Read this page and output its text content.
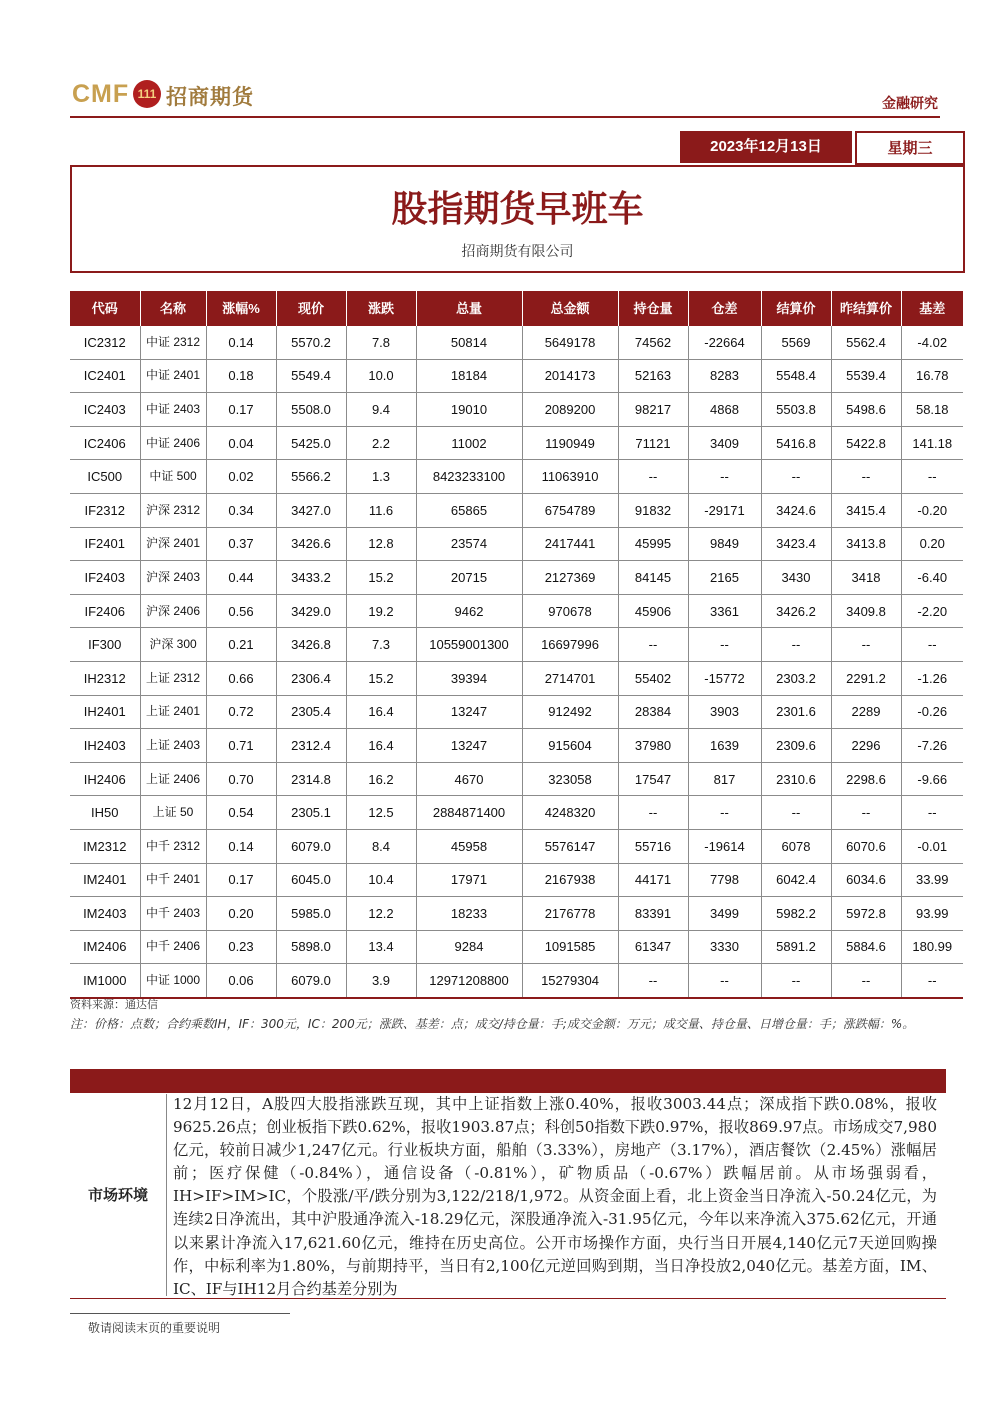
CMF 111 招商期货	金融研究
2023年12月13日	星期三
股指期货早班车
招商期货有限公司
代码	名称	涨幅%	现价	涨跌	总量	总金额	持仓量	仓差	结算价	昨结算价	基差
IC2312	中证 2312	0.14	5570.2	7.8	50814	5649178	74562	-22664	5569	5562.4	-4.02
IC2401	中证 2401	0.18	5549.4	10.0	18184	2014173	52163	8283	5548.4	5539.4	16.78
IC2403	中证 2403	0.17	5508.0	9.4	19010	2089200	98217	4868	5503.8	5498.6	58.18
IC2406	中证 2406	0.04	5425.0	2.2	11002	1190949	71121	3409	5416.8	5422.8	141.18
IC500	中证 500	0.02	5566.2	1.3	8423233100	11063910	--	--	--	--	--
IF2312	沪深 2312	0.34	3427.0	11.6	65865	6754789	91832	-29171	3424.6	3415.4	-0.20
IF2401	沪深 2401	0.37	3426.6	12.8	23574	2417441	45995	9849	3423.4	3413.8	0.20
IF2403	沪深 2403	0.44	3433.2	15.2	20715	2127369	84145	2165	3430	3418	-6.40
IF2406	沪深 2406	0.56	3429.0	19.2	9462	970678	45906	3361	3426.2	3409.8	-2.20
IF300	沪深 300	0.21	3426.8	7.3	10559001300	16697996	--	--	--	--	--
IH2312	上证 2312	0.66	2306.4	15.2	39394	2714701	55402	-15772	2303.2	2291.2	-1.26
IH2401	上证 2401	0.72	2305.4	16.4	13247	912492	28384	3903	2301.6	2289	-0.26
IH2403	上证 2403	0.71	2312.4	16.4	13247	915604	37980	1639	2309.6	2296	-7.26
IH2406	上证 2406	0.70	2314.8	16.2	4670	323058	17547	817	2310.6	2298.6	-9.66
IH50	上证 50	0.54	2305.1	12.5	2884871400	4248320	--	--	--	--	--
IM2312	中千 2312	0.14	6079.0	8.4	45958	5576147	55716	-19614	6078	6070.6	-0.01
IM2401	中千 2401	0.17	6045.0	10.4	17971	2167938	44171	7798	6042.4	6034.6	33.99
IM2403	中千 2403	0.20	5985.0	12.2	18233	2176778	83391	3499	5982.2	5972.8	93.99
IM2406	中千 2406	0.23	5898.0	13.4	9284	1091585	61347	3330	5891.2	5884.6	180.99
IM1000	中证 1000	0.06	6079.0	3.9	12971208800	15279304	--	--	--	--	--
资料来源：通达信
注：价格：点数；合约乘数IH，IF：300元，IC：200元；涨跌、基差：点；成交/持仓量：手;成交金额：万元；成交量、持仓量、日增仓量：手；涨跌幅：%。
市场环境
12月12日，A股四大股指涨跌互现，其中上证指数上涨0.40%，报收3003.44点；深成指下跌0.08%，报收9625.26点；创业板指下跌0.62%，报收1903.87点；科创50指数下跌0.97%，报收869.97点。市场成交7,980亿元，较前日减少1,247亿元。行业板块方面，船舶（3.33%），房地产（3.17%），酒店餐饮（2.45%）涨幅居前；医疗保健（-0.84%），通信设备（-0.81%），矿物质品（-0.67%）跌幅居前。从市场强弱看，IH>IF>IM>IC，个股涨/平/跌分别为3,122/218/1,972。从资金面上看，北上资金当日净流入-50.24亿元，为连续2日净流出，其中沪股通净流入-18.29亿元，深股通净流入-31.95亿元，今年以来净流入375.62亿元，开通以来累计净流入17,621.60亿元，维持在历史高位。公开市场操作方面，央行当日开展4,140亿元7天逆回购操作，中标利率为1.80%，与前期持平，当日有2,100亿元逆回购到期，当日净投放2,040亿元。基差方面，IM、IC、IF与IH12月合约基差分别为
敬请阅读末页的重要说明
